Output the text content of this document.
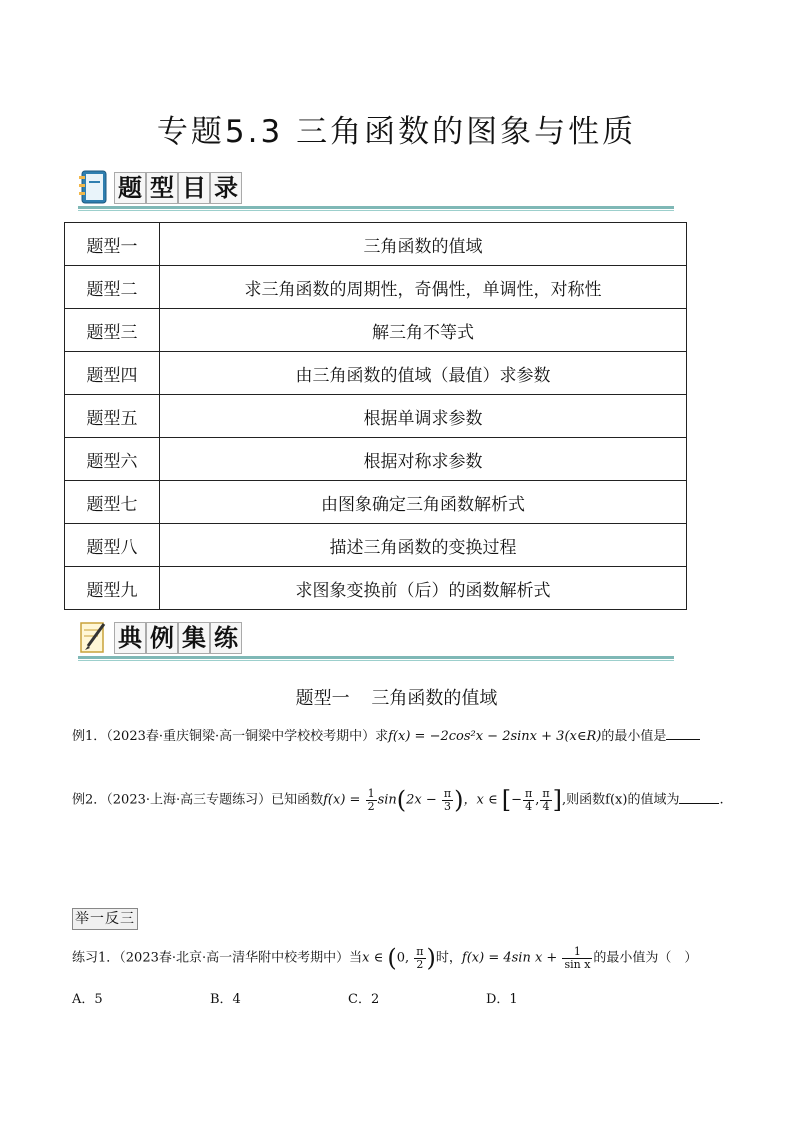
专题5.3 三角函数的图象与性质
题 型 目 录
题型一	三角函数的值域
题型二	求三角函数的周期性，奇偶性，单调性，对称性
题型三	解三角不等式
题型四	由三角函数的值域（最值）求参数
题型五	根据单调求参数
题型六	根据对称求参数
题型七	由图象确定三角函数解析式
题型八	描述三角函数的变换过程
题型九	求图象变换前（后）的函数解析式
典 例 集 练
题型一 三角函数的值域
例1．（2023春·重庆铜梁·高一铜梁中学校校考期中）求f(x) = −2cos²x − 2sinx + 3(x∈R)的最小值是
例2．（2023·上海·高三专题练习）已知函数$f(x) = \frac{1}{2} \sin(2x - \frac{\pi}{3}$ )，x ∈ [− $\frac{\pi}{4}$ , $\frac{\pi}{4}$ ],则函数f(x)的值域为	.
举一反三
练习1．（2023春·北京·高一清华附中校考期中）当x ∈ (0, $\frac{\pi}{2}$ )时，f(x) = 4sin $x + \frac{1}{\text{sin x}}$ 的最小值为（　）
A．5	B．4	C．2	D．1
